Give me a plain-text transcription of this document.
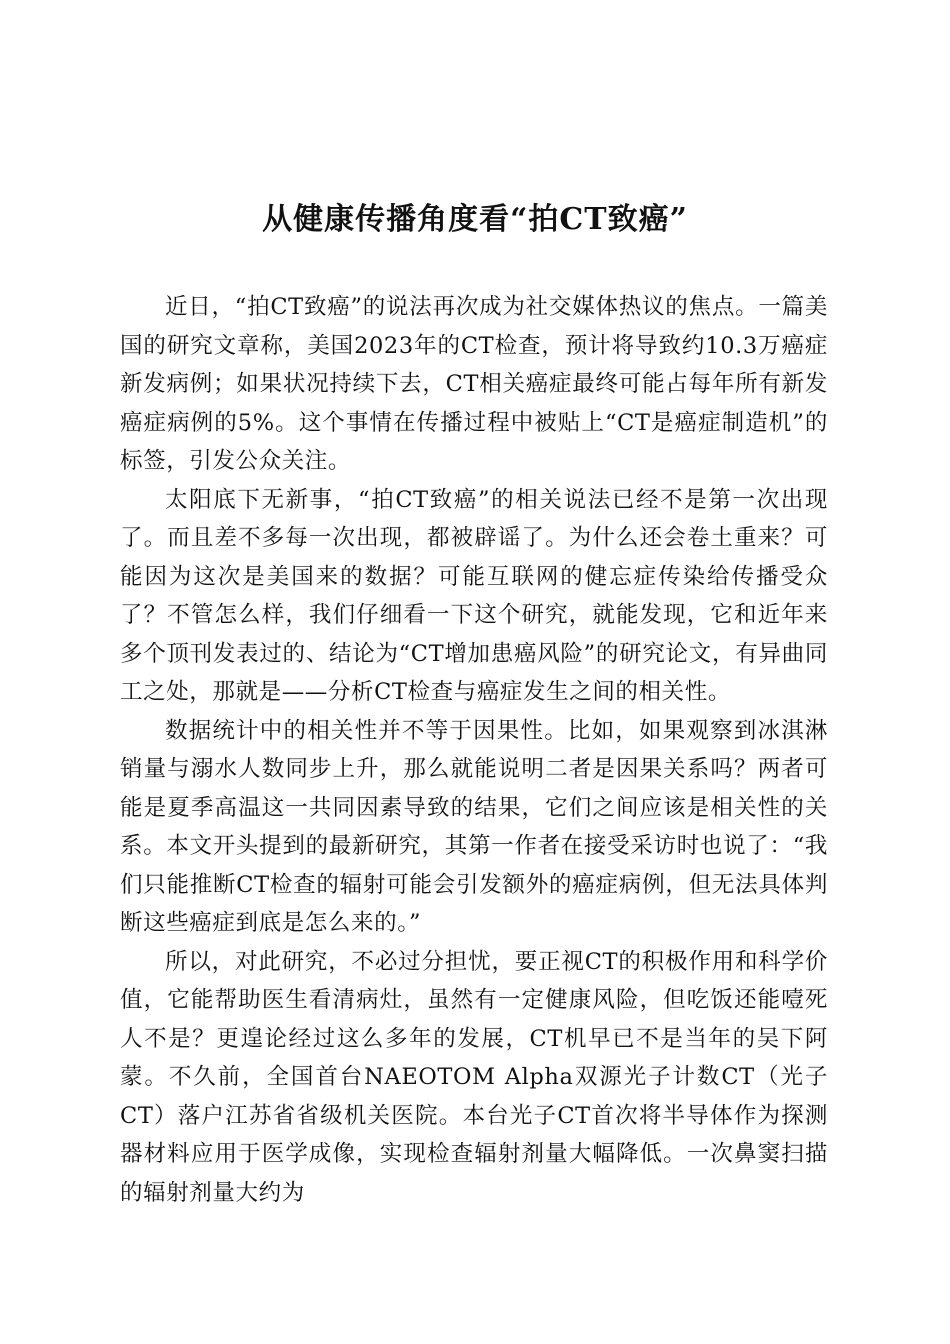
从健康传播角度看“拍CT致癌”

近日，“拍CT致癌”的说法再次成为社交媒体热议的焦点。一篇美国的研究文章称，美国2023年的CT检查，预计将导致约10.3万癌症新发病例；如果状况持续下去，CT相关癌症最终可能占每年所有新发癌症病例的5%。这个事情在传播过程中被贴上“CT是癌症制造机”的标签，引发公众关注。

太阳底下无新事，“拍CT致癌”的相关说法已经不是第一次出现了。而且差不多每一次出现，都被辟谣了。为什么还会卷土重来？可能因为这次是美国来的数据？可能互联网的健忘症传染给传播受众了？不管怎么样，我们仔细看一下这个研究，就能发现，它和近年来多个顶刊发表过的、结论为“CT增加患癌风险”的研究论文，有异曲同工之处，那就是——分析CT检查与癌症发生之间的相关性。

数据统计中的相关性并不等于因果性。比如，如果观察到冰淇淋销量与溺水人数同步上升，那么就能说明二者是因果关系吗？两者可能是夏季高温这一共同因素导致的结果，它们之间应该是相关性的关系。本文开头提到的最新研究，其第一作者在接受采访时也说了：“我们只能推断CT检查的辐射可能会引发额外的癌症病例，但无法具体判断这些癌症到底是怎么来的。”

所以，对此研究，不必过分担忧，要正视CT的积极作用和科学价值，它能帮助医生看清病灶，虽然有一定健康风险，但吃饭还能噎死人不是？更遑论经过这么多年的发展，CT机早已不是当年的吴下阿蒙。不久前，全国首台NAEOTOM Alpha双源光子计数CT（光子CT）落户江苏省省级机关医院。本台光子CT首次将半导体作为探测器材料应用于医学成像，实现检查辐射剂量大幅降低。一次鼻窦扫描的辐射剂量大约为
